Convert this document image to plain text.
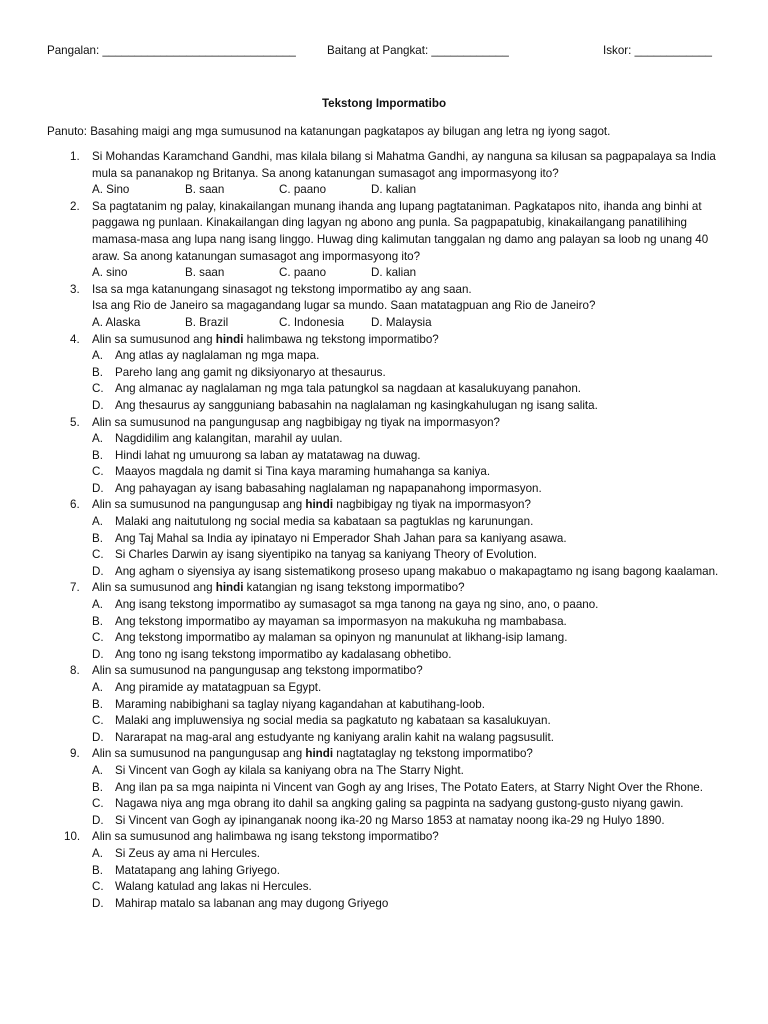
Pangalan: ______________________________	Baitang at Pangkat: ____________	Iskor: ____________
Tekstong Impormatibo
Panuto: Basahing maigi ang mga sumusunod na katanungan pagkatapos ay bilugan ang letra ng iyong sagot.
1. Si Mohandas Karamchand Gandhi, mas kilala bilang si Mahatma Gandhi, ay nanguna sa kilusan sa pagpapalaya sa India mula sa pananakop ng Britanya. Sa anong katanungan sumasagot ang impormasyong ito?
A. Sino	B. saan	C. paano	D. kalian
2. Sa pagtatanim ng palay, kinakailangan munang ihanda ang lupang pagtataniman. Pagkatapos nito, ihanda ang binhi at paggawa ng punlaan. Kinakailangan ding lagyan ng abono ang punla. Sa pagpapatubig, kinakailangang panatilihing mamasa-masa ang lupa nang isang linggo. Huwag ding kalimutan tanggalan ng damo ang palayan sa loob ng unang 40 araw. Sa anong katanungan sumasagot ang impormasyong ito?
A. sino	B. saan	C. paano	D. kalian
3. Isa sa mga katanungang sinasagot ng tekstong impormatibo ay ang saan.
Isa ang Rio de Janeiro sa magagandang lugar sa mundo. Saan matatagpuan ang Rio de Janeiro?
A. Alaska	B. Brazil	C. Indonesia D. Malaysia
4. Alin sa sumusunod ang hindi halimbawa ng tekstong impormatibo?
A. Ang atlas ay naglalaman ng mga mapa.
B. Pareho lang ang gamit ng diksiyonaryo at thesaurus.
C. Ang almanac ay naglalaman ng mga tala patungkol sa nagdaan at kasalukuyang panahon.
D. Ang thesaurus ay sangguniang babasahin na naglalaman ng kasingkahulugan ng isang salita.
5. Alin sa sumusunod na pangungusap ang nagbibigay ng tiyak na impormasyon?
A. Nagdidilim ang kalangitan, marahil ay uulan.
B. Hindi lahat ng umuurong sa laban ay matatawag na duwag.
C. Maayos magdala ng damit si Tina kaya maraming humahanga sa kaniya.
D. Ang pahayagan ay isang babasahing naglalaman ng napapanahong impormasyon.
6. Alin sa sumusunod na pangungusap ang hindi nagbibigay ng tiyak na impormasyon?
A. Malaki ang naitutulong ng social media sa kabataan sa pagtuklas ng karunungan.
B. Ang Taj Mahal sa India ay ipinatayo ni Emperador Shah Jahan para sa kaniyang asawa.
C. Si Charles Darwin ay isang siyentipiko na tanyag sa kaniyang Theory of Evolution.
D. Ang agham o siyensiya ay isang sistematikong proseso upang makabuo o makapagtamo ng isang bagong kaalaman.
7. Alin sa sumusunod ang hindi katangian ng isang tekstong impormatibo?
A. Ang isang tekstong impormatibo ay sumasagot sa mga tanong na gaya ng sino, ano, o paano.
B. Ang tekstong impormatibo ay mayaman sa impormasyon na makukuha ng mambabasa.
C. Ang tekstong impormatibo ay malaman sa opinyon ng manunulat at likhang-isip lamang.
D. Ang tono ng isang tekstong impormatibo ay kadalasang obhetibo.
8. Alin sa sumusunod na pangungusap ang tekstong impormatibo?
A. Ang piramide ay matatagpuan sa Egypt.
B. Maraming nabibighani sa taglay niyang kagandahan at kabutihang-loob.
C. Malaki ang impluwensiya ng social media sa pagkatuto ng kabataan sa kasalukuyan.
D. Nararapat na mag-aral ang estudyante ng kaniyang aralin kahit na walang pagsusulit.
9. Alin sa sumusunod na pangungusap ang hindi nagtataglay ng tekstong impormatibo?
A. Si Vincent van Gogh ay kilala sa kaniyang obra na The Starry Night.
B. Ang ilan pa sa mga naipinta ni Vincent van Gogh ay ang Irises, The Potato Eaters, at Starry Night Over the Rhone.
C. Nagawa niya ang mga obrang ito dahil sa angking galing sa pagpinta na sadyang gustong-gusto niyang gawin.
D. Si Vincent van Gogh ay ipinanganak noong ika-20 ng Marso 1853 at namatay noong ika-29 ng Hulyo 1890.
10. Alin sa sumusunod ang halimbawa ng isang tekstong impormatibo?
A. Si Zeus ay ama ni Hercules.
B. Matatapang ang lahing Griyego.
C. Walang katulad ang lakas ni Hercules.
D. Mahirap matalo sa labanan ang may dugong Griyego
